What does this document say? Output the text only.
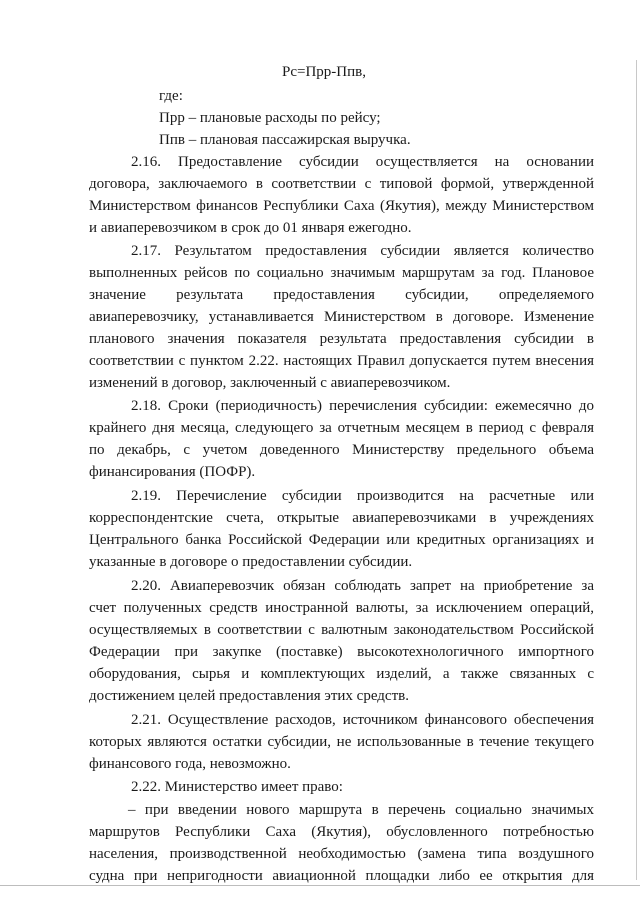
Рс=Прр-Ппв,
где:
Прр – плановые расходы по рейсу;
Ппв – плановая пассажирская выручка.
2.16. Предоставление субсидии осуществляется на основании
договора, заключаемого в соответствии с типовой формой, утвержденной
Министерством финансов Республики Саха (Якутия), между Министерством
и авиаперевозчиком в срок до 01 января ежегодно.
2.17. Результатом предоставления субсидии является количество
выполненных рейсов по социально значимым маршрутам за год. Плановое
значение результата предоставления субсидии, определяемого
авиаперевозчику, устанавливается Министерством в договоре. Изменение
планового значения показателя результата предоставления субсидии в
соответствии с пунктом 2.22. настоящих Правил допускается путем внесения
изменений в договор, заключенный с авиаперевозчиком.
2.18. Сроки (периодичность) перечисления субсидии: ежемесячно до
крайнего дня месяца, следующего за отчетным месяцем в период с февраля
по декабрь, с учетом доведенного Министерству предельного объема
финансирования (ПОФР).
2.19. Перечисление субсидии производится на расчетные или
корреспондентские счета, открытые авиаперевозчиками в учреждениях
Центрального банка Российской Федерации или кредитных организациях и
указанные в договоре о предоставлении субсидии.
2.20. Авиаперевозчик обязан соблюдать запрет на приобретение за
счет полученных средств иностранной валюты, за исключением операций,
осуществляемых в соответствии с валютным законодательством Российской
Федерации при закупке (поставке) высокотехнологичного импортного
оборудования, сырья и комплектующих изделий, а также связанных с
достижением целей предоставления этих средств.
2.21. Осуществление расходов, источником финансового обеспечения
которых являются остатки субсидии, не использованные в течение текущего
финансового года, невозможно.
2.22. Министерство имеет право:
– при введении нового маршрута в перечень социально значимых
маршрутов Республики Саха (Якутия), обусловленного потребностью
населения, производственной необходимостью (замена типа воздушного
судна при непригодности авиационной площадки либо ее открытия для
